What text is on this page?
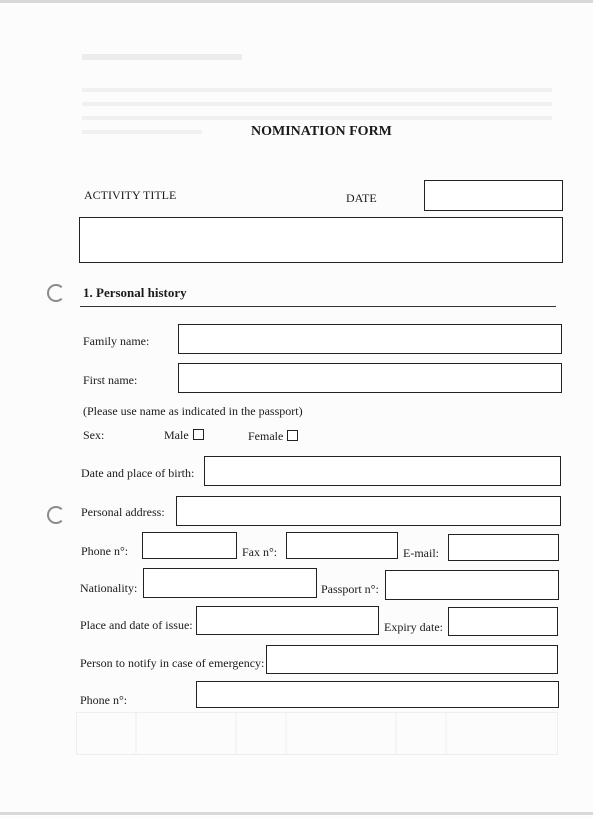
NOMINATION FORM
ACTIVITY TITLE	DATE
1. Personal history
Family name:
First name:
(Please use name as indicated in the passport)
Sex:	Male	Female
Date and place of birth:
Personal address:
Phone n°:	Fax n°:	E-mail:
Nationality:	Passport n°:
Place and date of issue:	Expiry date:
Person to notify in case of emergency:
Phone n°:
